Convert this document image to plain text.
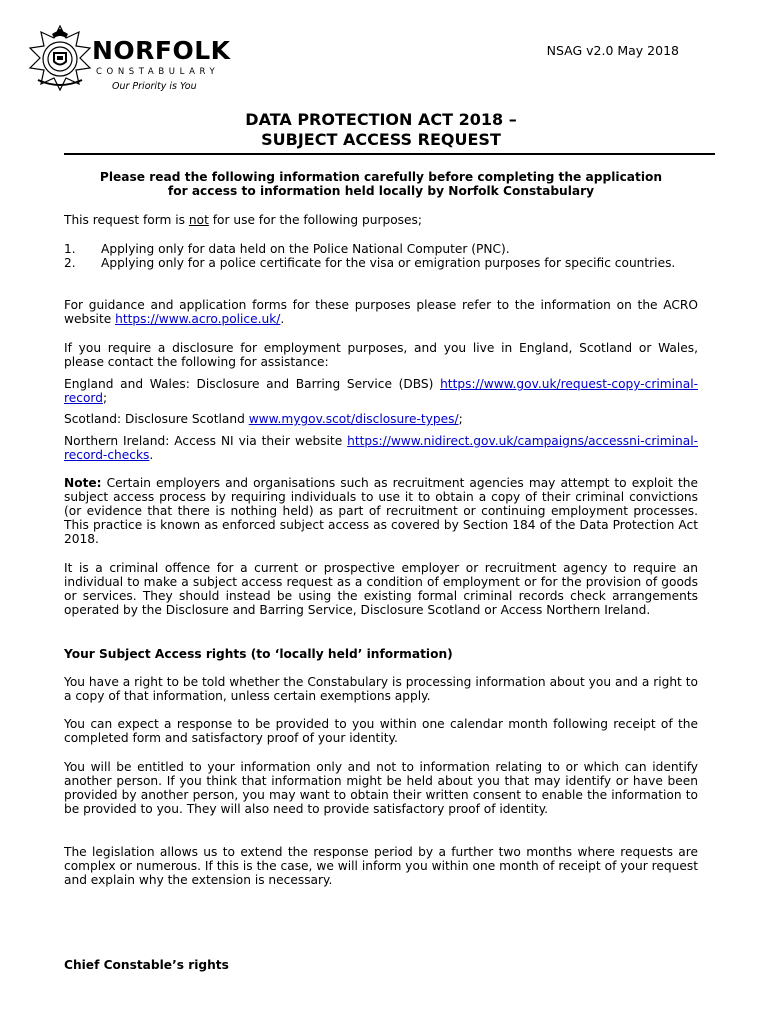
NORFOLK
CONSTABULARY
Our Priority is You
NSAG v2.0 May 2018
DATA PROTECTION ACT 2018 –
SUBJECT ACCESS REQUEST
Please read the following information carefully before completing the application
for access to information held locally by Norfolk Constabulary
This request form is not for use for the following purposes;
1. Applying only for data held on the Police National Computer (PNC).
2. Applying only for a police certificate for the visa or emigration purposes for specific countries.
For guidance and application forms for these purposes please refer to the information on the ACRO website https://www.acro.police.uk/.
If you require a disclosure for employment purposes, and you live in England, Scotland or Wales, please contact the following for assistance:
England and Wales: Disclosure and Barring Service (DBS) https://www.gov.uk/request-copy-criminal-record;
Scotland: Disclosure Scotland www.mygov.scot/disclosure-types/;
Northern Ireland: Access NI via their website https://www.nidirect.gov.uk/campaigns/accessni-criminal-record-checks.
Note: Certain employers and organisations such as recruitment agencies may attempt to exploit the subject access process by requiring individuals to use it to obtain a copy of their criminal convictions (or evidence that there is nothing held) as part of recruitment or continuing employment processes. This practice is known as enforced subject access as covered by Section 184 of the Data Protection Act 2018.
It is a criminal offence for a current or prospective employer or recruitment agency to require an individual to make a subject access request as a condition of employment or for the provision of goods or services. They should instead be using the existing formal criminal records check arrangements operated by the Disclosure and Barring Service, Disclosure Scotland or Access Northern Ireland.
Your Subject Access rights (to ‘locally held’ information)
You have a right to be told whether the Constabulary is processing information about you and a right to a copy of that information, unless certain exemptions apply.
You can expect a response to be provided to you within one calendar month following receipt of the completed form and satisfactory proof of your identity.
You will be entitled to your information only and not to information relating to or which can identify another person. If you think that information might be held about you that may identify or have been provided by another person, you may want to obtain their written consent to enable the information to be provided to you. They will also need to provide satisfactory proof of identity.
The legislation allows us to extend the response period by a further two months where requests are complex or numerous. If this is the case, we will inform you within one month of receipt of your request and explain why the extension is necessary.
Chief Constable’s rights
